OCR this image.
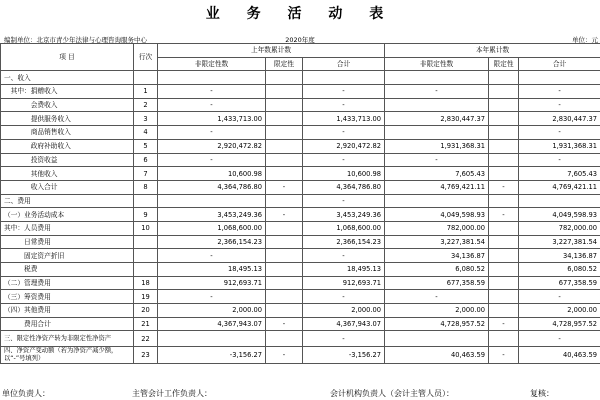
业 务 活 动 表
编制单位：北京市青少年法律与心理咨询服务中心	2020年度	单位：元
项 目	行次	上年数累计数			本年累计数		
		非限定性数	限定性	合计	非限定性数	限定性	合计
一、收入							
　其中：捐赠收入	1	-		-	-		-
　　　　会费收入	2	-		-			-
　　　　提供服务收入	3	1,433,713.00		1,433,713.00	2,830,447.37		2,830,447.37
　　　　商品销售收入	4	-		-			-
　　　　政府补助收入	5	2,920,472.82		2,920,472.82	1,931,368.31		1,931,368.31
　　　　投资收益	6	-		-	-		-
　　　　其他收入	7	10,600.98		10,600.98	7,605.43		7,605.43
　　　　收入合计	8	4,364,786.80	-	4,364,786.80	4,769,421.11	-	4,769,421.11
二、费用				-			
（一）业务活动成本	9	3,453,249.36	-	3,453,249.36	4,049,598.93	-	4,049,598.93
其中：人员费用	10	1,068,600.00		1,068,600.00	782,000.00		782,000.00
　　　日常费用		2,366,154.23		2,366,154.23	3,227,381.54		3,227,381.54
　　　固定资产折旧		-		-	34,136.87		34,136.87
　　　税费		18,495.13		18,495.13	6,080.52		6,080.52
（二）管理费用	18	912,693.71		912,693.71	677,358.59		677,358.59
（三）筹资费用	19	-		-	-		-
（四）其他费用	20	2,000.00		2,000.00	2,000.00		2,000.00
　　　费用合计	21	4,367,943.07	-	4,367,943.07	4,728,957.52	-	4,728,957.52
三、限定性净资产转为非限定性净资产	22			-			-
四、净资产变动额（若为净资产减少额，以“-”号填列）	23	-3,156.27	-	-3,156.27	40,463.59	-	40,463.59
单位负责人：	主管会计工作负责人：	会计机构负责人（会计主管人员）：	复核：
